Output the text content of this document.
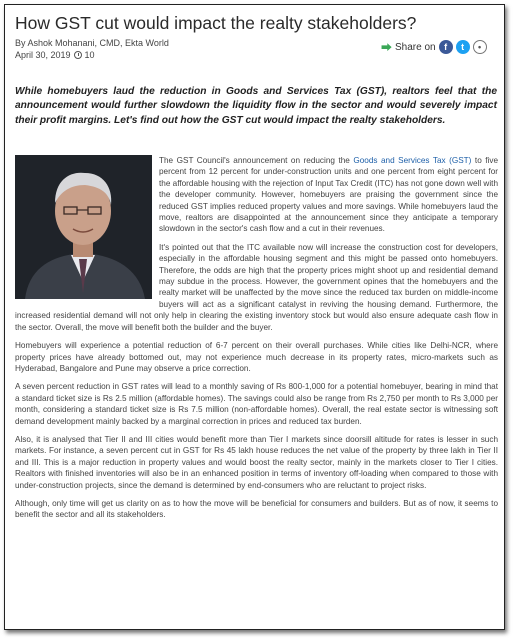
How GST cut would impact the realty stakeholders?
By Ashok Mohanani, CMD, Ekta World
April 30, 2019 10
⮕ Share on f	t	•

While homebuyers laud the reduction in Goods and Services Tax (GST), realtors feel that the announcement would further slowdown the liquidity flow in the sector and would severely impact their profit margins. Let's find out how the GST cut would impact the realty stakeholders.

The GST Council's announcement on reducing the Goods and Services Tax (GST) to five percent from 12 percent for under-construction units and one percent from eight percent for the affordable housing with the rejection of Input Tax Credit (ITC) has not gone down well with the developer community. However, homebuyers are praising the government since the reduced GST implies reduced property values and more savings. While homebuyers laud the move, realtors are disappointed at the announcement since they anticipate a temporary slowdown in the sector's cash flow and a cut in their revenues.

It's pointed out that the ITC available now will increase the construction cost for developers, especially in the affordable housing segment and this might be passed onto homebuyers. Therefore, the odds are high that the property prices might shoot up and residential demand may subdue in the process. However, the government opines that the homebuyers and the realty market will be unaffected by the move since the reduced tax burden on middle-income buyers will act as a significant catalyst in reviving the housing demand. Furthermore, the increased residential demand will not only help in clearing the existing inventory stock but would also ensure adequate cash flow in the sector. Overall, the move will benefit both the builder and the buyer.

Homebuyers will experience a potential reduction of 6-7 percent on their overall purchases. While cities like Delhi-NCR, where property prices have already bottomed out, may not experience much decrease in its property rates, micro-markets such as Hyderabad, Bangalore and Pune may observe a price correction.

A seven percent reduction in GST rates will lead to a monthly saving of Rs 800-1,000 for a potential homebuyer, bearing in mind that a standard ticket size is Rs 2.5 million (affordable homes). The savings could also be range from Rs 2,750 per month to Rs 3,000 per month, considering a standard ticket size is Rs 7.5 million (non-affordable homes). Overall, the real estate sector is witnessing soft demand development mainly backed by a marginal correction in prices and reduced tax burden.

Also, it is analysed that Tier II and III cities would benefit more than Tier I markets since doorsill altitude for rates is lesser in such markets. For instance, a seven percent cut in GST for Rs 45 lakh house reduces the net value of the property by three lakh in Tier II and III. This is a major reduction in property values and would boost the realty sector, mainly in the markets closer to Tier I cities. Realtors with finished inventories will also be in an enhanced position in terms of inventory off-loading when compared to those with under-construction projects, since the demand is determined by end-consumers who are reluctant to project risks.

Although, only time will get us clarity on as to how the move will be beneficial for consumers and builders. But as of now, it seems to benefit the sector and all its stakeholders.
